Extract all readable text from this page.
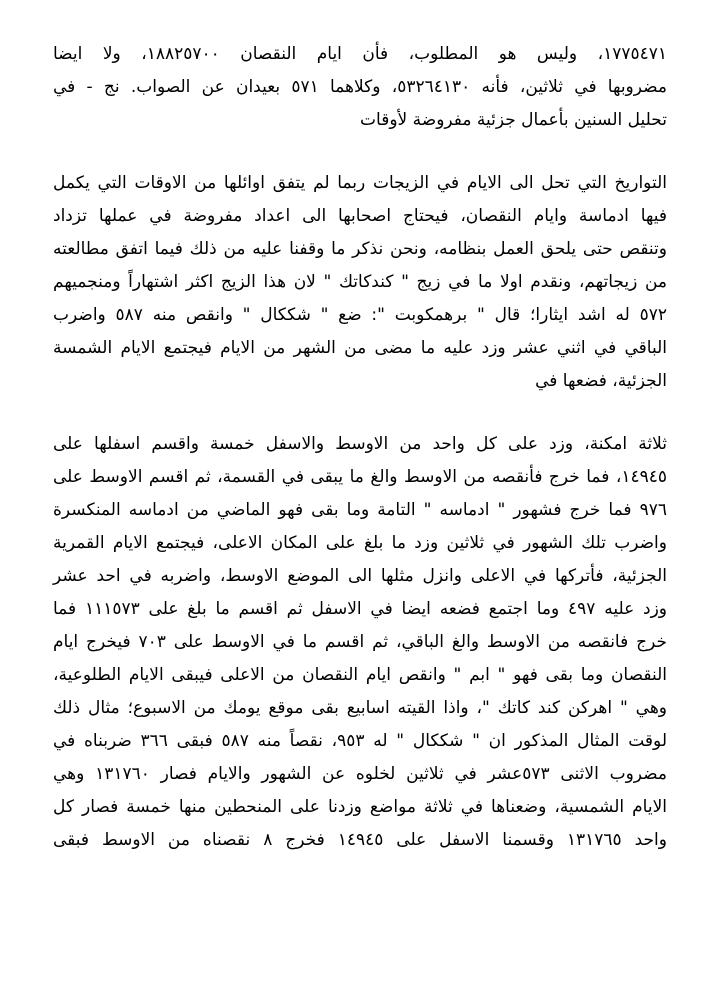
١٧٧٥٤٧١، وليس هو المطلوب، فأن ايام النقصان ١٨٨٢٥٧٠٠، ولا ايضا
مضروبها في ثلاثين، فأنه ٥٣٢٦٤١٣٠، وكلاهما ٥٧١ بعيدان عن الصواب. نج - في
تحليل السنين بأعمال جزئية مفروضة لأوقات
التواريخ التي تحل الى الايام في الزيجات ربما لم يتفق اوائلها من الاوقات التي يكمل
فيها ادماسة وايام النقصان، فيحتاج اصحابها الى اعداد مفروضة في عملها تزداد
وتنقص حتى يلحق العمل بنظامه، ونحن نذكر ما وقفنا عليه من ذلك فيما اتفق مطالعته
من زيجاتهم، ونقدم اولا ما في زيج " كندكاتك " لان هذا الزيج اكثر اشتهاراً ومنجميهم
٥٧٢ له اشد ايثارا؛ قال " برهمكوبت ": ضع " شككال " وانقص منه ٥٨٧ واضرب
الباقي في اثني عشر وزد عليه ما مضى من الشهر من الايام فيجتمع الايام الشمسة
الجزئية، فضعها في
ثلاثة امكنة، وزد على كل واحد من الاوسط والاسفل خمسة واقسم اسفلها على
١٤٩٤٥، فما خرج فأنقصه من الاوسط والغ ما يبقى في القسمة، ثم اقسم الاوسط على
٩٧٦ فما خرج فشهور " ادماسه " التامة وما بقى فهو الماضي من ادماسه المنكسرة
واضرب تلك الشهور في ثلاثين وزد ما بلغ على المكان الاعلى، فيجتمع الايام القمرية
الجزئية، فأتركها في الاعلى وانزل مثلها الى الموضع الاوسط، واضربه في احد عشر
وزد عليه ٤٩٧ وما اجتمع فضعه ايضا في الاسفل ثم اقسم ما بلغ على ١١١٥٧٣ فما
خرج فانقصه من الاوسط والغ الباقي، ثم اقسم ما في الاوسط على ٧٠٣ فيخرج ايام
النقصان وما بقى فهو " ابم " وانقص ايام النقصان من الاعلى فيبقى الايام الطلوعية،
وهي " اهركن كند كاتك "، واذا القيته اسابيع بقى موقع يومك من الاسبوع؛ مثال ذلك
لوقت المثال المذكور ان " شككال " له ٩٥٣، نقصاً منه ٥٨٧ فبقى ٣٦٦ ضربناه في
مضروب الاثنى ٥٧٣عشر في ثلاثين لخلوه عن الشهور والايام فصار ١٣١٧٦٠ وهي
الايام الشمسية، وضعناها في ثلاثة مواضع وزدنا على المنحطين منها خمسة فصار كل
واحد ١٣١٧٦٥ وقسمنا الاسفل على ١٤٩٤٥ فخرج ٨ نقصناه من الاوسط فبقى
